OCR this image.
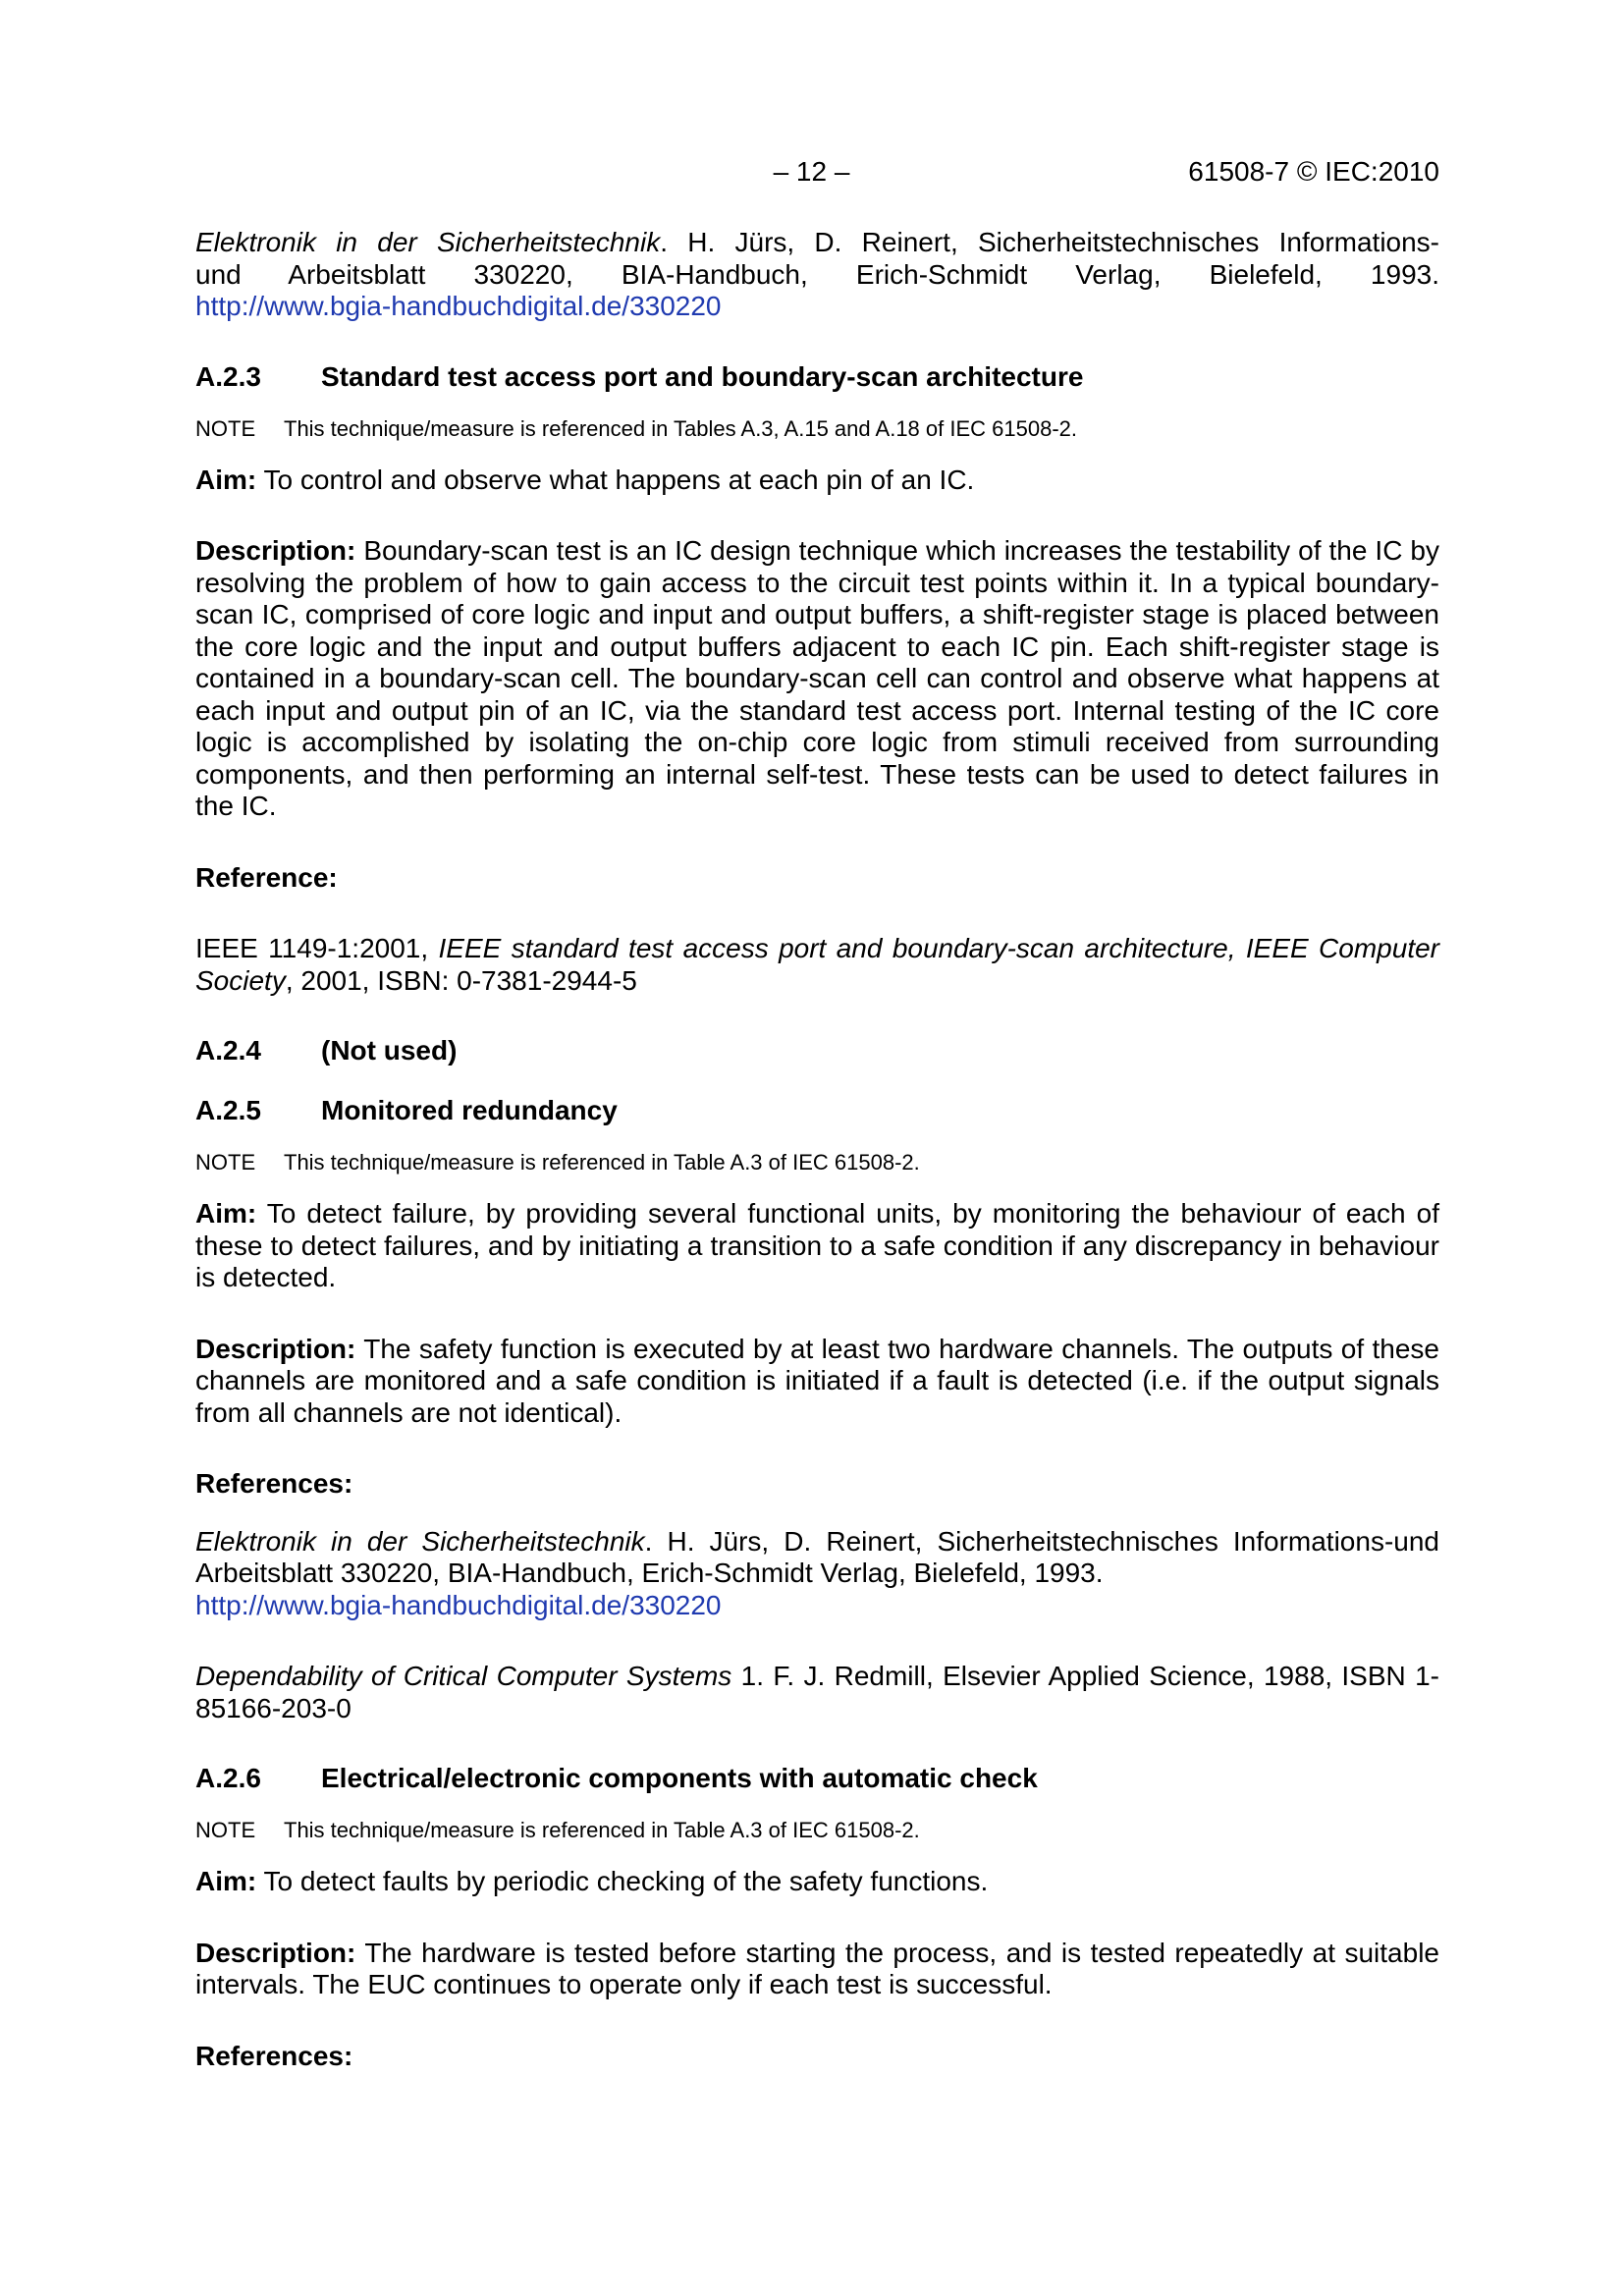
– 12 –	61508-7 © IEC:2010

Elektronik in der Sicherheitstechnik. H. Jürs, D. Reinert, Sicherheitstechnisches Informations-

und Arbeitsblatt 330220, BIA-Handbuch, Erich-Schmidt Verlag, Bielefeld, 1993.

http://www.bgia-handbuchdigital.de/330220

A.2.3	Standard test access port and boundary-scan architecture
NOTE	This technique/measure is referenced in Tables A.3, A.15 and A.18 of IEC 61508-2.

Aim: To control and observe what happens at each pin of an IC.

Description: Boundary-scan test is an IC design technique which increases the testability of the IC by resolving the problem of how to gain access to the circuit test points within it. In a typical boundary-scan IC, comprised of core logic and input and output buffers, a shift-register stage is placed between the core logic and the input and output buffers adjacent to each IC pin. Each shift-register stage is contained in a boundary-scan cell. The boundary-scan cell can control and observe what happens at each input and output pin of an IC, via the standard test access port. Internal testing of the IC core logic is accomplished by isolating the on-chip core logic from stimuli received from surrounding components, and then performing an internal self-test. These tests can be used to detect failures in the IC.

Reference:

IEEE 1149-1:2001, IEEE standard test access port and boundary-scan architecture, IEEE Computer Society, 2001, ISBN: 0-7381-2944-5

A.2.4	(Not used)
A.2.5	Monitored redundancy
NOTE	This technique/measure is referenced in Table A.3 of IEC 61508-2.

Aim: To detect failure, by providing several functional units, by monitoring the behaviour of each of these to detect failures, and by initiating a transition to a safe condition if any discrepancy in behaviour is detected.

Description: The safety function is executed by at least two hardware channels. The outputs of these channels are monitored and a safe condition is initiated if a fault is detected (i.e. if the output signals from all channels are not identical).

References:

Elektronik in der Sicherheitstechnik. H. Jürs, D. Reinert, Sicherheitstechnisches Informations-und Arbeitsblatt 330220, BIA-Handbuch, Erich-Schmidt Verlag, Bielefeld, 1993.

http://www.bgia-handbuchdigital.de/330220

Dependability of Critical Computer Systems 1. F. J. Redmill, Elsevier Applied Science, 1988, ISBN 1-85166-203-0

A.2.6	Electrical/electronic components with automatic check
NOTE	This technique/measure is referenced in Table A.3 of IEC 61508-2.

Aim: To detect faults by periodic checking of the safety functions.

Description: The hardware is tested before starting the process, and is tested repeatedly at suitable intervals. The EUC continues to operate only if each test is successful.

References:
